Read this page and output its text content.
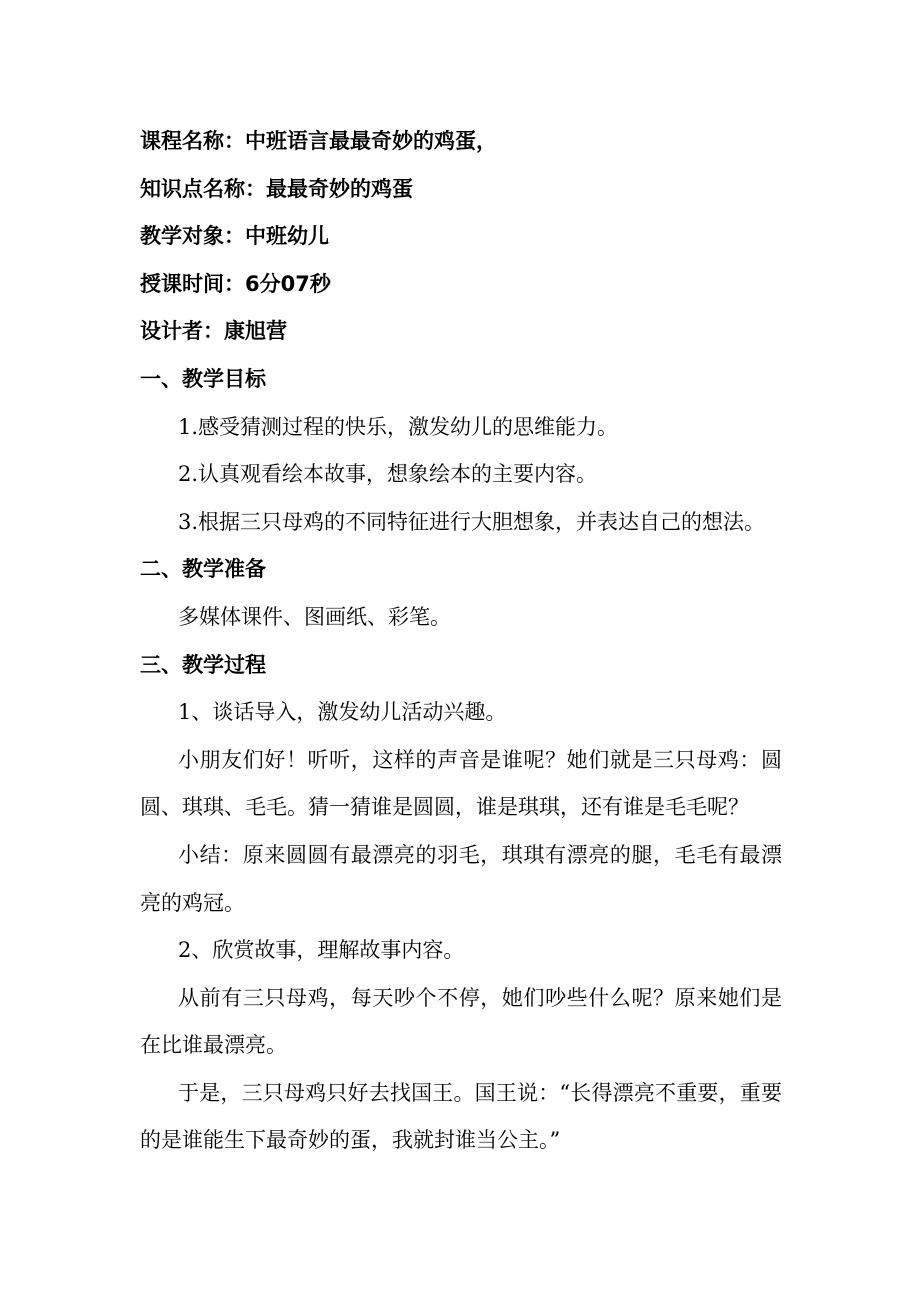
课程名称：中班语言最最奇妙的鸡蛋，

知识点名称：最最奇妙的鸡蛋

教学对象：中班幼儿

授课时间：6分07秒

设计者：康旭营

一、教学目标

1.感受猜测过程的快乐，激发幼儿的思维能力。

2.认真观看绘本故事，想象绘本的主要内容。

3.根据三只母鸡的不同特征进行大胆想象，并表达自己的想法。

二、教学准备

多媒体课件、图画纸、彩笔。

三、教学过程

1、谈话导入，激发幼儿活动兴趣。

小朋友们好！听听，这样的声音是谁呢？她们就是三只母鸡：圆圆、琪琪、毛毛。猜一猜谁是圆圆，谁是琪琪，还有谁是毛毛呢？

小结：原来圆圆有最漂亮的羽毛，琪琪有漂亮的腿，毛毛有最漂亮的鸡冠。

2、欣赏故事，理解故事内容。

从前有三只母鸡，每天吵个不停，她们吵些什么呢？原来她们是在比谁最漂亮。

于是，三只母鸡只好去找国王。国王说：“长得漂亮不重要，重要的是谁能生下最奇妙的蛋，我就封谁当公主。”
